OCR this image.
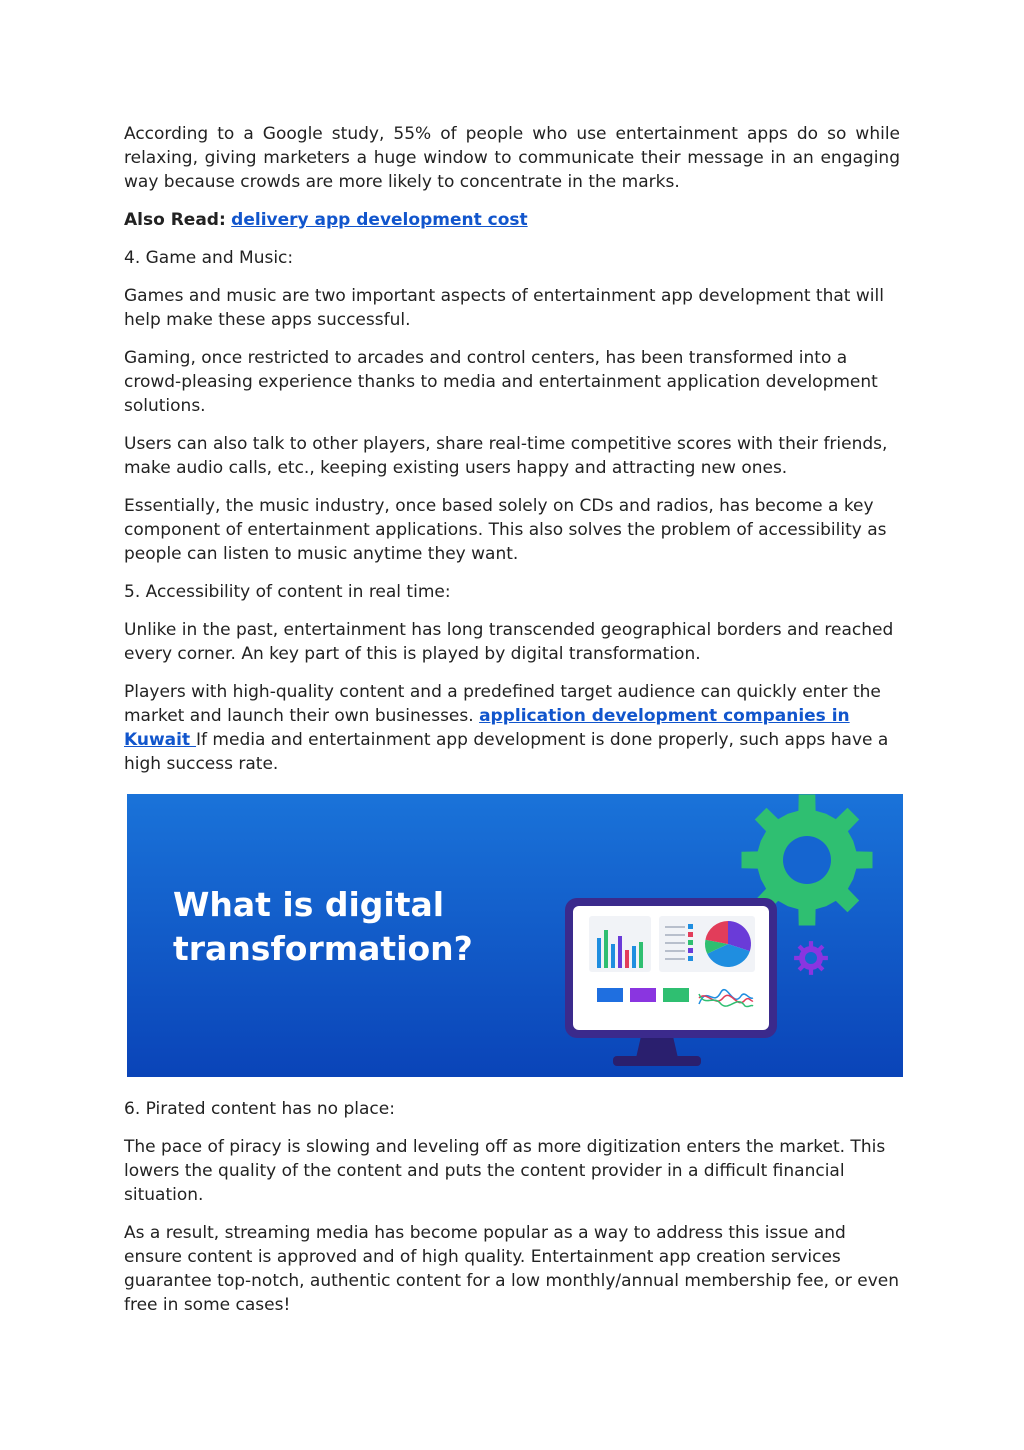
According to a Google study, 55% of people who use entertainment apps do so while relaxing, giving marketers a huge window to communicate their message in an engaging way because crowds are more likely to concentrate in the marks.

Also Read: delivery app development cost

4. Game and Music:

Games and music are two important aspects of entertainment app development that will help make these apps successful.

Gaming, once restricted to arcades and control centers, has been transformed into a crowd-pleasing experience thanks to media and entertainment application development solutions.

Users can also talk to other players, share real-time competitive scores with their friends, make audio calls, etc., keeping existing users happy and attracting new ones.

Essentially, the music industry, once based solely on CDs and radios, has become a key component of entertainment applications. This also solves the problem of accessibility as people can listen to music anytime they want.

5. Accessibility of content in real time:

Unlike in the past, entertainment has long transcended geographical borders and reached every corner. An key part of this is played by digital transformation.

Players with high-quality content and a predefined target audience can quickly enter the market and launch their own businesses. application development companies in Kuwait If media and entertainment app development is done properly, such apps have a high success rate.

What is digital
transformation?

6. Pirated content has no place:

The pace of piracy is slowing and leveling off as more digitization enters the market. This lowers the quality of the content and puts the content provider in a difficult financial situation.

As a result, streaming media has become popular as a way to address this issue and ensure content is approved and of high quality. Entertainment app creation services guarantee top-notch, authentic content for a low monthly/annual membership fee, or even free in some cases!
